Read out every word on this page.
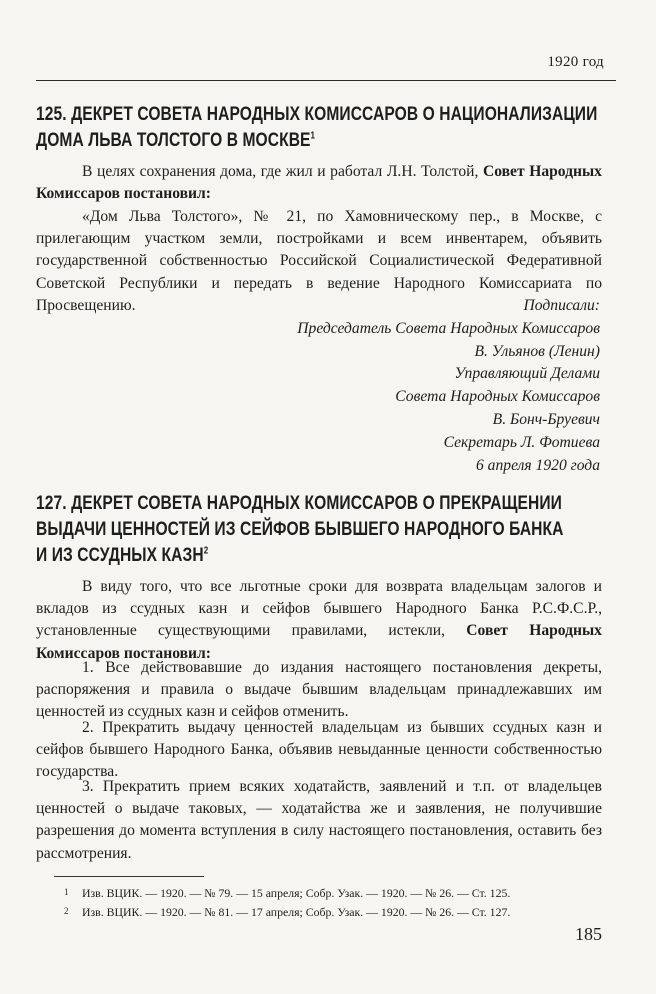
1920 год
125. ДЕКРЕТ СОВЕТА НАРОДНЫХ КОМИССАРОВ О НАЦИОНАЛИЗАЦИИ
ДОМА ЛЬВА ТОЛСТОГО В МОСКВЕ$^1$
В целях сохранения дома, где жил и работал Л.Н. Толстой, Совет Народных Комиссаров постановил:
«Дом Льва Толстого», № 21, по Хамовническому пер., в Москве, с прилегающим участком земли, постройками и всем инвентарем, объявить государственной собственностью Российской Социалистической Федеративной Советской Республики и передать в ведение Народного Комиссариата по Просвещению.	Подписали:
Председатель Совета Народных Комиссаров
В. Ульянов (Ленин)
Управляющий Делами
Совета Народных Комиссаров
В. Бонч-Бруевич
Секретарь Л. Фотиева
6 апреля 1920 года
127. ДЕКРЕТ СОВЕТА НАРОДНЫХ КОМИССАРОВ О ПРЕКРАЩЕНИИ
ВЫДАЧИ ЦЕННОСТЕЙ ИЗ СЕЙФОВ БЫВШЕГО НАРОДНОГО БАНКА
И ИЗ ССУДНЫХ КАЗН$^2$
В виду того, что все льготные сроки для возврата владельцам залогов и вкладов из ссудных казн и сейфов бывшего Народного Банка Р.С.Ф.С.Р., установленные существующими правилами, истекли, Совет Народных Комиссаров постановил:
1. Все действовавшие до издания настоящего постановления декреты, распоряжения и правила о выдаче бывшим владельцам принадлежавших им ценностей из ссудных казн и сейфов отменить.
2. Прекратить выдачу ценностей владельцам из бывших ссудных казн и сейфов бывшего Народного Банка, объявив невыданные ценности собственностью государства.
3. Прекратить прием всяких ходатайств, заявлений и т.п. от владельцев ценностей о выдаче таковых, — ходатайства же и заявления, не получившие разрешения до момента вступления в силу настоящего постановления, оставить без рассмотрения.
1 Изв. ВЦИК. — 1920. — № 79. — 15 апреля; Собр. Узак. — 1920. — № 26. — Ст. 125.
2 Изв. ВЦИК. — 1920. — № 81. — 17 апреля; Собр. Узак. — 1920. — № 26. — Ст. 127.
185
